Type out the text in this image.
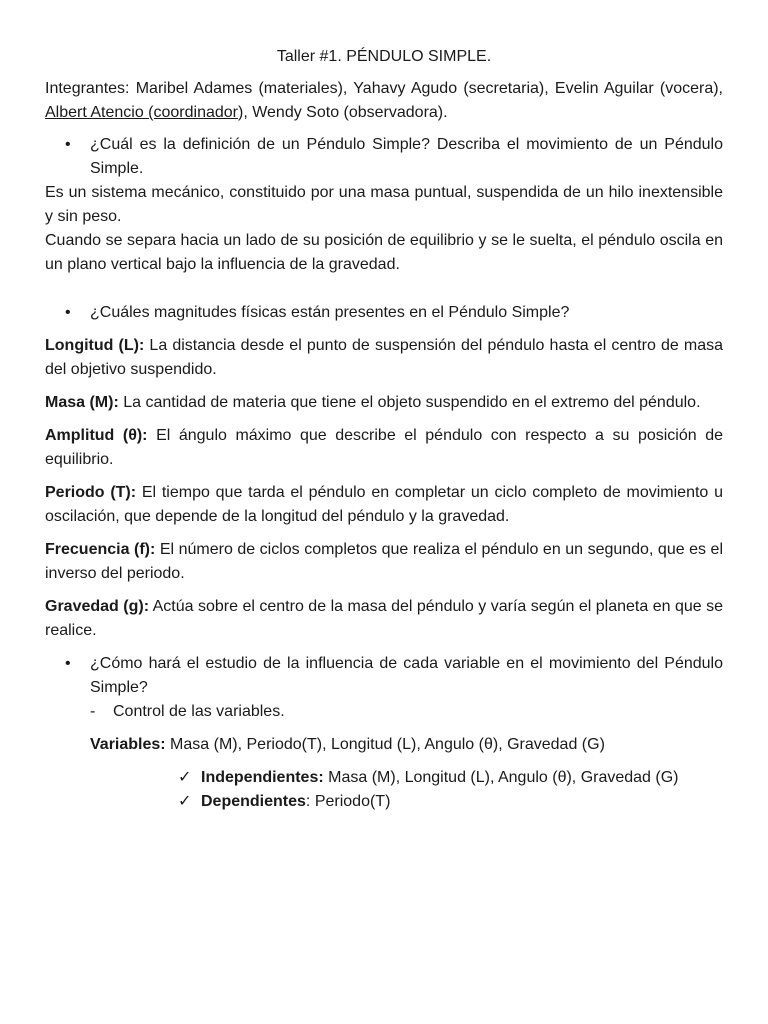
Taller #1. PÉNDULO SIMPLE.

Integrantes: Maribel Adames (materiales), Yahavy Agudo (secretaria), Evelin Aguilar (vocera), Albert Atencio (coordinador), Wendy Soto (observadora).

• ¿Cuál es la definición de un Péndulo Simple? Describa el movimiento de un Péndulo Simple.

Es un sistema mecánico, constituido por una masa puntual, suspendida de un hilo inextensible y sin peso.

Cuando se separa hacia un lado de su posición de equilibrio y se le suelta, el péndulo oscila en un plano vertical bajo la influencia de la gravedad.

• ¿Cuáles magnitudes físicas están presentes en el Péndulo Simple?

Longitud (L): La distancia desde el punto de suspensión del péndulo hasta el centro de masa del objetivo suspendido.

Masa (M): La cantidad de materia que tiene el objeto suspendido en el extremo del péndulo.

Amplitud (θ): El ángulo máximo que describe el péndulo con respecto a su posición de equilibrio.

Periodo (T): El tiempo que tarda el péndulo en completar un ciclo completo de movimiento u oscilación, que depende de la longitud del péndulo y la gravedad.

Frecuencia (f): El número de ciclos completos que realiza el péndulo en un segundo, que es el inverso del periodo.

Gravedad (g): Actúa sobre el centro de la masa del péndulo y varía según el planeta en que se realice.

• ¿Cómo hará el estudio de la influencia de cada variable en el movimiento del Péndulo Simple?

- Control de las variables.

Variables: Masa (M), Periodo(T), Longitud (L), Angulo (θ), Gravedad (G)

✓ Independientes: Masa (M), Longitud (L), Angulo (θ), Gravedad (G)
✓ Dependientes: Periodo(T)
